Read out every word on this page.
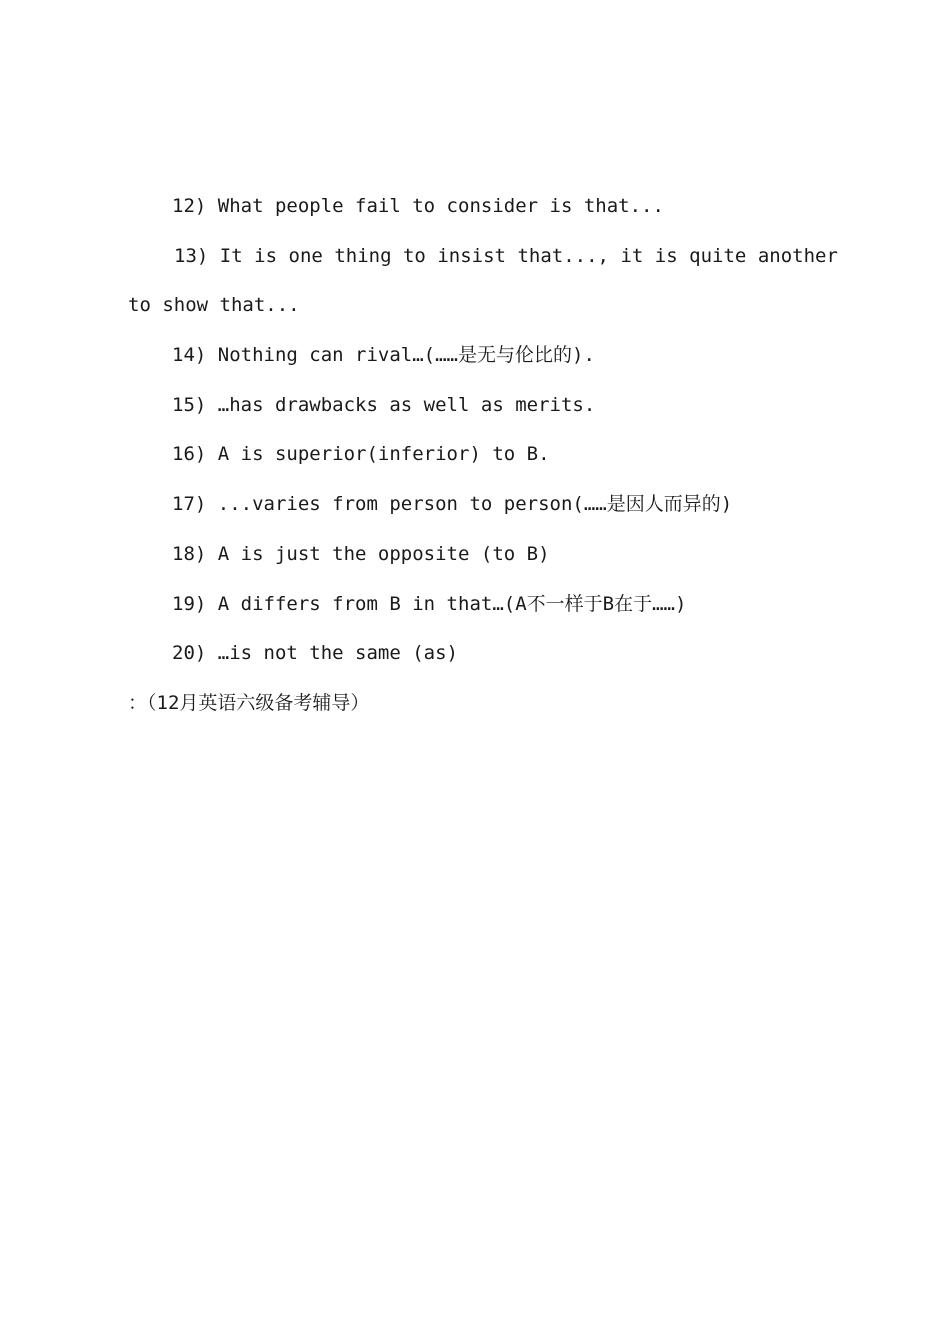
12) What people fail to consider is that...
13) It is one thing to insist that..., it is quite another
to show that...
14) Nothing can rival…(……是无与伦比的).
15) …has drawbacks as well as merits.
16) A is superior(inferior) to B.
17) ...varies from person to person(……是因人而异的)
18) A is just the opposite (to B)
19) A differs from B in that…(A不一样于B在于……)
20) …is not the same (as)
：（12月英语六级备考辅导）
